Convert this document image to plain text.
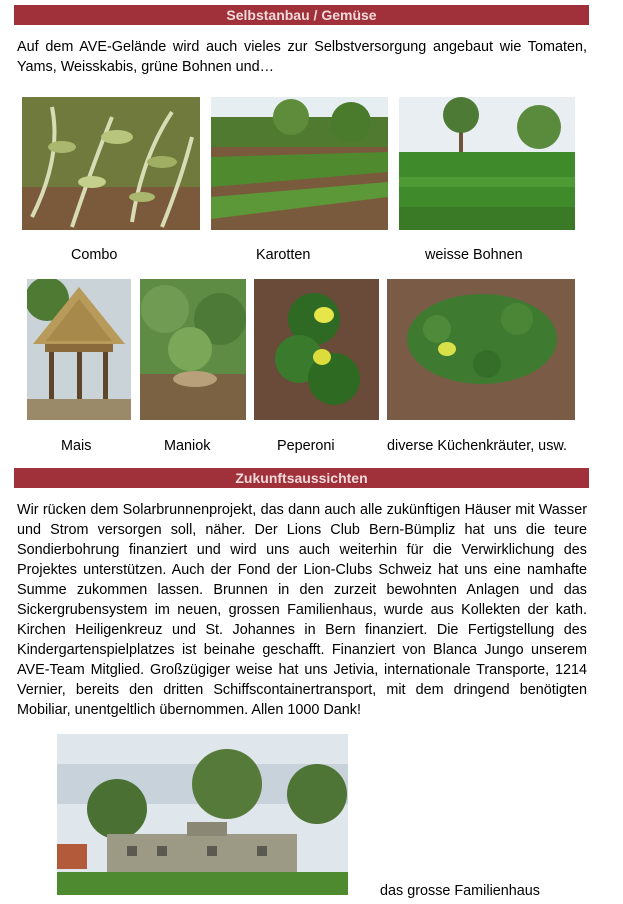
Selbstanbau / Gemüse

Auf dem AVE-Gelände wird auch vieles zur Selbstversorgung angebaut wie Tomaten, Yams, Weisskabis, grüne Bohnen und…

Combo	Karotten	weisse Bohnen
Mais	Maniok	Peperoni	diverse Küchenkräuter, usw.
Zukunftsaussichten

Wir rücken dem Solarbrunnenprojekt, das dann auch alle zukünftigen Häuser mit Wasser und Strom versorgen soll, näher. Der Lions Club Bern-Bümpliz hat uns die teure Sondierbohrung finanziert und wird uns auch weiterhin für die Verwirklichung des Projektes unterstützen. Auch der Fond der Lion-Clubs Schweiz hat uns eine namhafte Summe zukommen lassen. Brunnen in den zurzeit bewohnten Anlagen und das Sickergrubensystem im neuen, grossen Familienhaus, wurde aus Kollekten der kath. Kirchen Heiligenkreuz und St. Johannes in Bern finanziert. Die Fertigstellung des Kindergartenspielplatzes ist beinahe geschafft. Finanziert von Blanca Jungo unserem AVE-Team Mitglied. Großzügiger weise hat uns Jetivia, internationale Transporte, 1214 Vernier, bereits den dritten Schiffscontainertransport, mit dem dringend benötigten Mobiliar, unentgeltlich übernommen. Allen 1000 Dank!

das grosse Familienhaus
